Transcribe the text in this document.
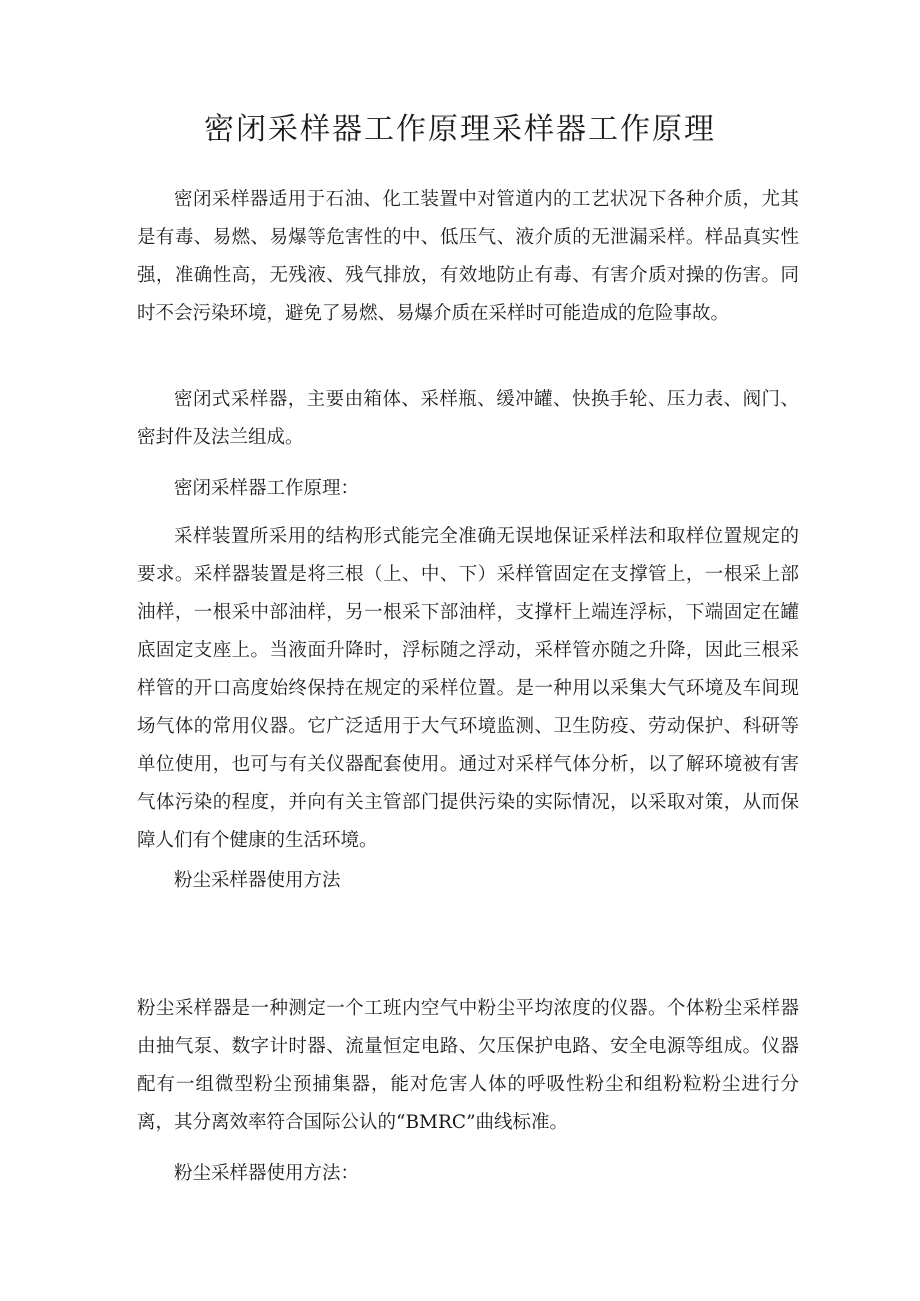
密闭采样器工作原理采样器工作原理

密闭采样器适用于石油、化工装置中对管道内的工艺状况下各种介质，尤其是有毒、易燃、易爆等危害性的中、低压气、液介质的无泄漏采样。样品真实性强，准确性高，无残液、残气排放，有效地防止有毒、有害介质对操的伤害。同时不会污染环境，避免了易燃、易爆介质在采样时可能造成的危险事故。

密闭式采样器，主要由箱体、采样瓶、缓冲罐、快换手轮、压力表、阀门、密封件及法兰组成。

密闭采样器工作原理：

采样装置所采用的结构形式能完全准确无误地保证采样法和取样位置规定的要求。采样器装置是将三根（上、中、下）采样管固定在支撑管上，一根采上部油样，一根采中部油样，另一根采下部油样，支撑杆上端连浮标，下端固定在罐底固定支座上。当液面升降时，浮标随之浮动，采样管亦随之升降，因此三根采样管的开口高度始终保持在规定的采样位置。是一种用以采集大气环境及车间现场气体的常用仪器。它广泛适用于大气环境监测、卫生防疫、劳动保护、科研等单位使用，也可与有关仪器配套使用。通过对采样气体分析，以了解环境被有害气体污染的程度，并向有关主管部门提供污染的实际情况，以采取对策，从而保障人们有个健康的生活环境。

粉尘采样器使用方法

粉尘采样器是一种测定一个工班内空气中粉尘平均浓度的仪器。个体粉尘采样器由抽气泵、数字计时器、流量恒定电路、欠压保护电路、安全电源等组成。仪器配有一组微型粉尘预捕集器，能对危害人体的呼吸性粉尘和组粉粒粉尘进行分离，其分离效率符合国际公认的“BMRC”曲线标准。

粉尘采样器使用方法：
